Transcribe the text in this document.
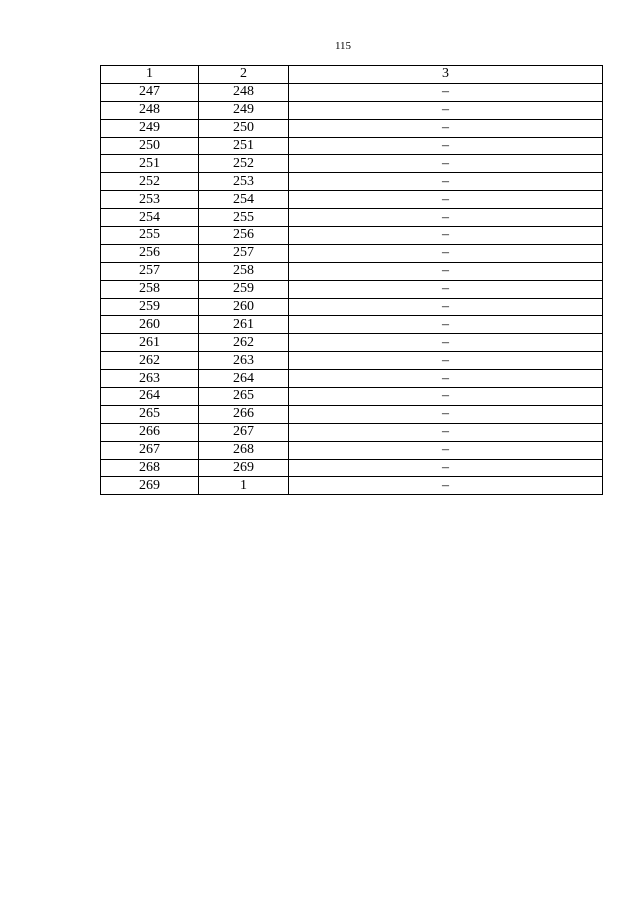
115
1	2	3
247	248	–
248	249	–
249	250	–
250	251	–
251	252	–
252	253	–
253	254	–
254	255	–
255	256	–
256	257	–
257	258	–
258	259	–
259	260	–
260	261	–
261	262	–
262	263	–
263	264	–
264	265	–
265	266	–
266	267	–
267	268	–
268	269	–
269	1	–
